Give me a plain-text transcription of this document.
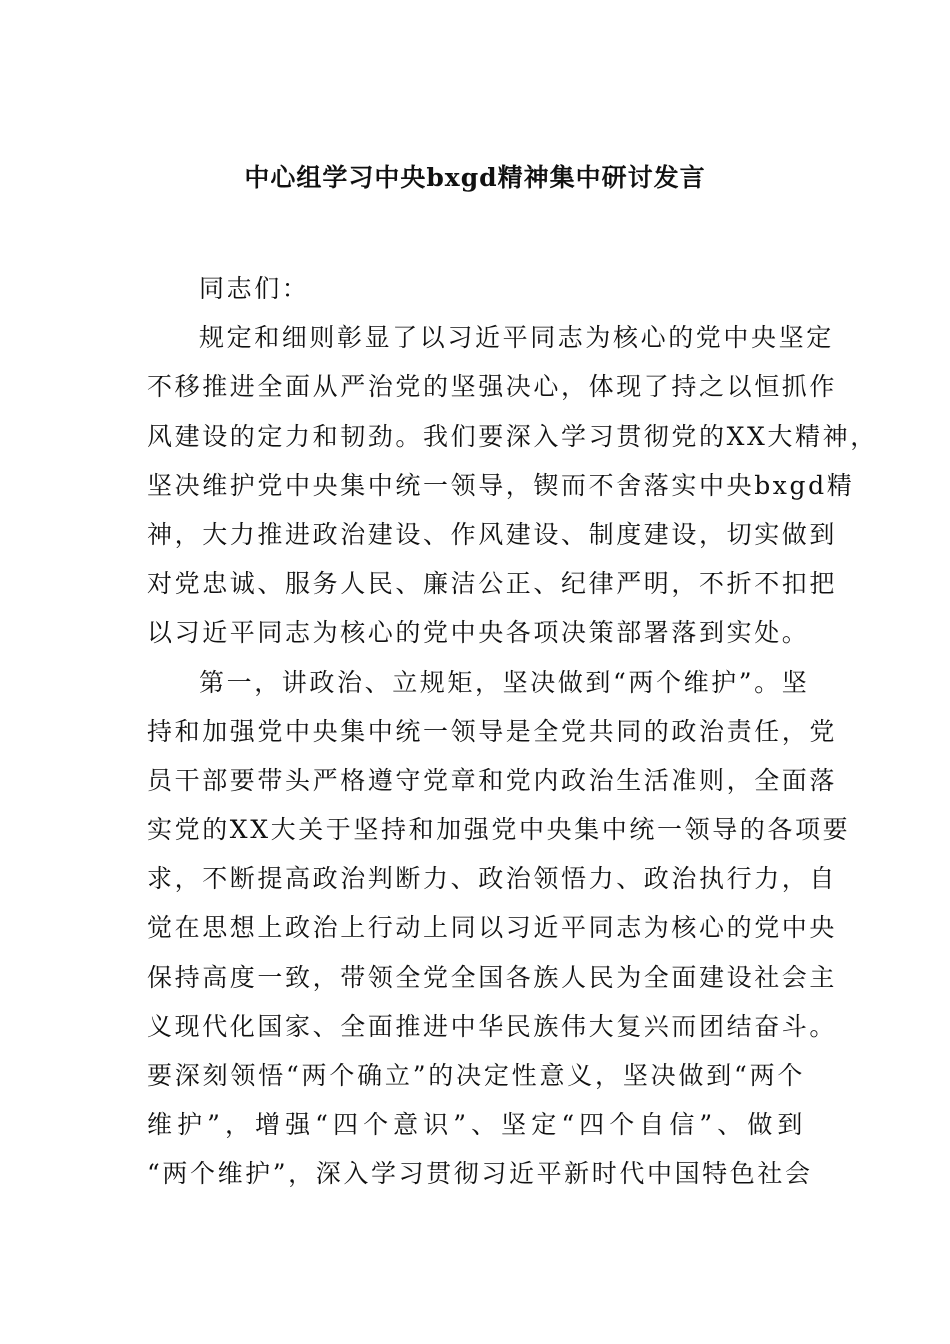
中心组学习中央bxgd精神集中研讨发言
同志们：
规定和细则彰显了以习近平同志为核心的党中央坚定
不移推进全面从严治党的坚强决心，体现了持之以恒抓作
风建设的定力和韧劲。我们要深入学习贯彻党的XX大精神，
坚决维护党中央集中统一领导，锲而不舍落实中央bxgd精
神，大力推进政治建设、作风建设、制度建设，切实做到
对党忠诚、服务人民、廉洁公正、纪律严明，不折不扣把
以习近平同志为核心的党中央各项决策部署落到实处。
第一，讲政治、立规矩，坚决做到“两个维护”。坚
持和加强党中央集中统一领导是全党共同的政治责任，党
员干部要带头严格遵守党章和党内政治生活准则，全面落
实党的XX大关于坚持和加强党中央集中统一领导的各项要
求，不断提高政治判断力、政治领悟力、政治执行力，自
觉在思想上政治上行动上同以习近平同志为核心的党中央
保持高度一致，带领全党全国各族人民为全面建设社会主
义现代化国家、全面推进中华民族伟大复兴而团结奋斗。
要深刻领悟“两个确立”的决定性意义，坚决做到“两个
维护”，增强“四个意识”、坚定“四个自信”、做到
“两个维护”，深入学习贯彻习近平新时代中国特色社会
